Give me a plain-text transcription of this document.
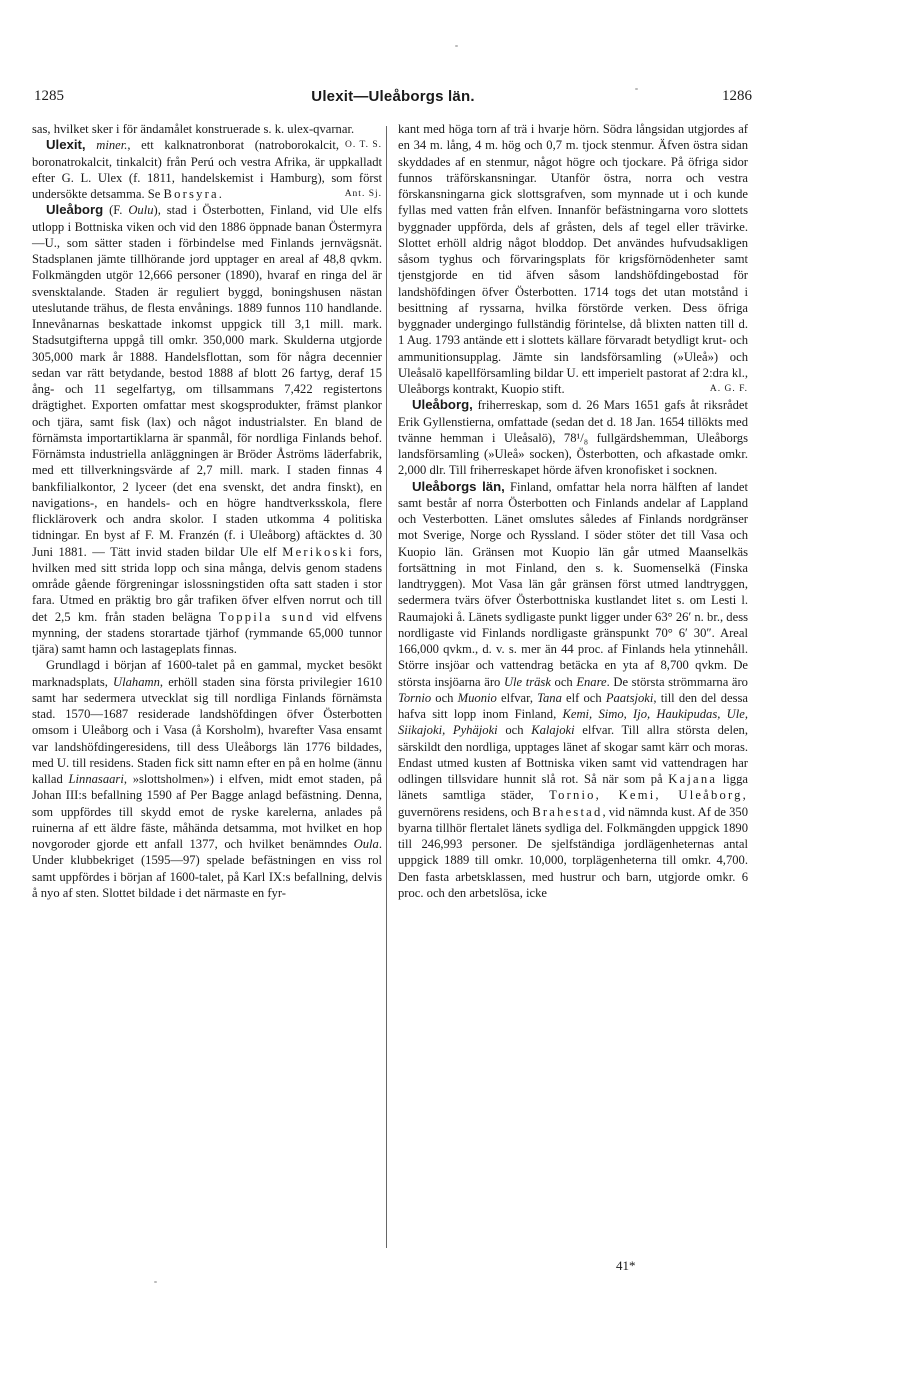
1285	Ulexit—Uleåborgs län.	1286

sas, hvilket sker i för ändamålet konstruerade s. k. ulex-qvarnar.
O. T. S.

Ulexit, miner., ett kalknatronborat (natroborokalcit, boronatrokalcit, tinkalcit) från Perú och vestra Afrika, är uppkalladt efter G. L. Ulex (f. 1811, handelskemist i Hamburg), som först undersökte detsamma. Se Borsyra.	Ant. Sj.

Uleåborg (F. Oulu), stad i Österbotten, Finland, vid Ule elfs utlopp i Bottniska viken och vid den 1886 öppnade banan Östermyra—U., som sätter staden i förbindelse med Finlands jernvägsnät. Stadsplanen jämte tillhörande jord upptager en areal af 48,8 qvkm. Folkmängden utgör 12,666 personer (1890), hvaraf en ringa del är svensktalande. Staden är reguliert byggd, boningshusen nästan uteslutande trähus, de flesta envånings. 1889 funnos 110 handlande. Innevånarnas beskattade inkomst uppgick till 3,1 mill. mark. Stadsutgifterna uppgå till omkr. 350,000 mark. Skulderna utgjorde 305,000 mark år 1888. Handelsflottan, som för några decennier sedan var rätt betydande, bestod 1888 af blott 26 fartyg, deraf 15 ång- och 11 segelfartyg, om tillsammans 7,422 registertons drägtighet. Exporten omfattar mest skogsprodukter, främst plankor och tjära, samt fisk (lax) och något industrialster. En bland de förnämsta importartiklarna är spanmål, för nordliga Finlands behof. Förnämsta industriella anläggningen är Bröder Åströms läderfabrik, med ett tillverkningsvärde af 2,7 mill. mark. I staden finnas 4 bankfilialkontor, 2 lyceer (det ena svenskt, det andra finskt), en navigations-, en handels- och en högre handtverksskola, flere flickläroverk och andra skolor. I staden utkomma 4 politiska tidningar. En byst af F. M. Franzén (f. i Uleåborg) aftäcktes d. 30 Juni 1881. — Tätt invid staden bildar Ule elf Merikoski fors, hvilken med sitt strida lopp och sina många, delvis genom stadens område gående förgreningar islossningstiden ofta satt staden i stor fara. Utmed en präktig bro går trafiken öfver elfven norrut och till det 2,5 km. från staden belägna Toppila sund vid elfvens mynning, der stadens storartade tjärhof (rymmande 65,000 tunnor tjära) samt hamn och lastageplats finnas.

Grundlagd i början af 1600-talet på en gammal, mycket besökt marknadsplats, Ulahamn, erhöll staden sina första privilegier 1610 samt har sedermera utvecklat sig till nordliga Finlands förnämsta stad. 1570—1687 residerade landshöfdingen öfver Österbotten omsom i Uleåborg och i Vasa (å Korsholm), hvarefter Vasa ensamt var landshöfdingeresidens, till dess Uleåborgs län 1776 bildades, med U. till residens. Staden fick sitt namn efter en på en holme (ännu kallad Linnasaari, »slottsholmen») i elfven, midt emot staden, på Johan III:s befallning 1590 af Per Bagge anlagd befästning. Denna, som uppfördes till skydd emot de ryske karelerna, anlades på ruinerna af ett äldre fäste, måhända detsamma, mot hvilket en hop novgoroder gjorde ett anfall 1377, och hvilket benämndes Oula. Under klubbekriget (1595—97) spelade befästningen en viss rol samt uppfördes i början af 1600-talet, på Karl IX:s befallning, delvis å nyo af sten. Slottet bildade i det närmaste en fyr-

kant med höga torn af trä i hvarje hörn. Södra långsidan utgjordes af en 34 m. lång, 4 m. hög och 0,7 m. tjock stenmur. Äfven östra sidan skyddades af en stenmur, något högre och tjockare. På öfriga sidor funnos träförskansningar. Utanför östra, norra och vestra förskansningarna gick slottsgrafven, som mynnade ut i och kunde fyllas med vatten från elfven. Innanför befästningarna voro slottets byggnader uppförda, dels af gråsten, dels af tegel eller trävirke. Slottet erhöll aldrig något bloddop. Det användes hufvudsakligen såsom tyghus och förvaringsplats för krigsförnödenheter samt tjenstgjorde en tid äfven såsom landshöfdingebostad för landshöfdingen öfver Österbotten. 1714 togs det utan motstånd i besittning af ryssarna, hvilka förstörde verken. Dess öfriga byggnader undergingo fullständig förintelse, då blixten natten till d. 1 Aug. 1793 antände ett i slottets källare förvaradt betydligt krut- och ammunitionsupplag. Jämte sin landsförsamling (»Uleå») och Uleåsalö kapellförsamling bildar U. ett imperielt pastorat af 2:dra kl., Uleåborgs kontrakt, Kuopio stift.	A. G. F.

Uleåborg, friherreskap, som d. 26 Mars 1651 gafs åt riksrådet Erik Gyllenstierna, omfattade (sedan det d. 18 Jan. 1654 tillökts med tvänne hemman i Uleåsalö), 78¹/₈ fullgärdshemman, Uleåborgs landsförsamling (»Uleå» socken), Österbotten, och afkastade omkr. 2,000 dlr. Till friherreskapet hörde äfven kronofisket i socknen.

Uleåborgs län, Finland, omfattar hela norra hälften af landet samt består af norra Österbotten och Finlands andelar af Lappland och Vesterbotten. Länet omslutes således af Finlands nordgränser mot Sverige, Norge och Ryssland. I söder stöter det till Vasa och Kuopio län. Gränsen mot Kuopio län går utmed Maanselkäs fortsättning in mot Finland, den s. k. Suomenselkä (Finska landtryggen). Mot Vasa län går gränsen först utmed landtryggen, sedermera tvärs öfver Österbottniska kustlandet litet s. om Lesti l. Raumajoki å. Länets sydligaste punkt ligger under 63° 26′ n. br., dess nordligaste vid Finlands nordligaste gränspunkt 70° 6′ 30″. Areal 166,000 qvkm., d. v. s. mer än 44 proc. af Finlands hela ytinnehåll. Större insjöar och vattendrag betäcka en yta af 8,700 qvkm. De största insjöarna äro Ule träsk och Enare. De största strömmarna äro Tornio och Muonio elfvar, Tana elf och Paatsjoki, till den del dessa hafva sitt lopp inom Finland, Kemi, Simo, Ijo, Haukipudas, Ule, Siikajoki, Pyhäjoki och Kalajoki elfvar. Till allra största delen, särskildt den nordliga, upptages länet af skogar samt kärr och moras. Endast utmed kusten af Bottniska viken samt vid vattendragen har odlingen tillsvidare hunnit slå rot. Så när som på Kajana ligga länets samtliga städer, Tornio, Kemi, Uleåborg, guvernörens residens, och Brahestad, vid nämnda kust. Af de 350 byarna tillhör flertalet länets sydliga del. Folkmängden uppgick 1890 till 246,993 personer. De sjelfständiga jordlägenheternas antal uppgick 1889 till omkr. 10,000, torplägenheterna till omkr. 4,700. Den fasta arbetsklassen, med hustrur och barn, utgjorde omkr. 6 proc. och den arbetslösa, icke

41*
